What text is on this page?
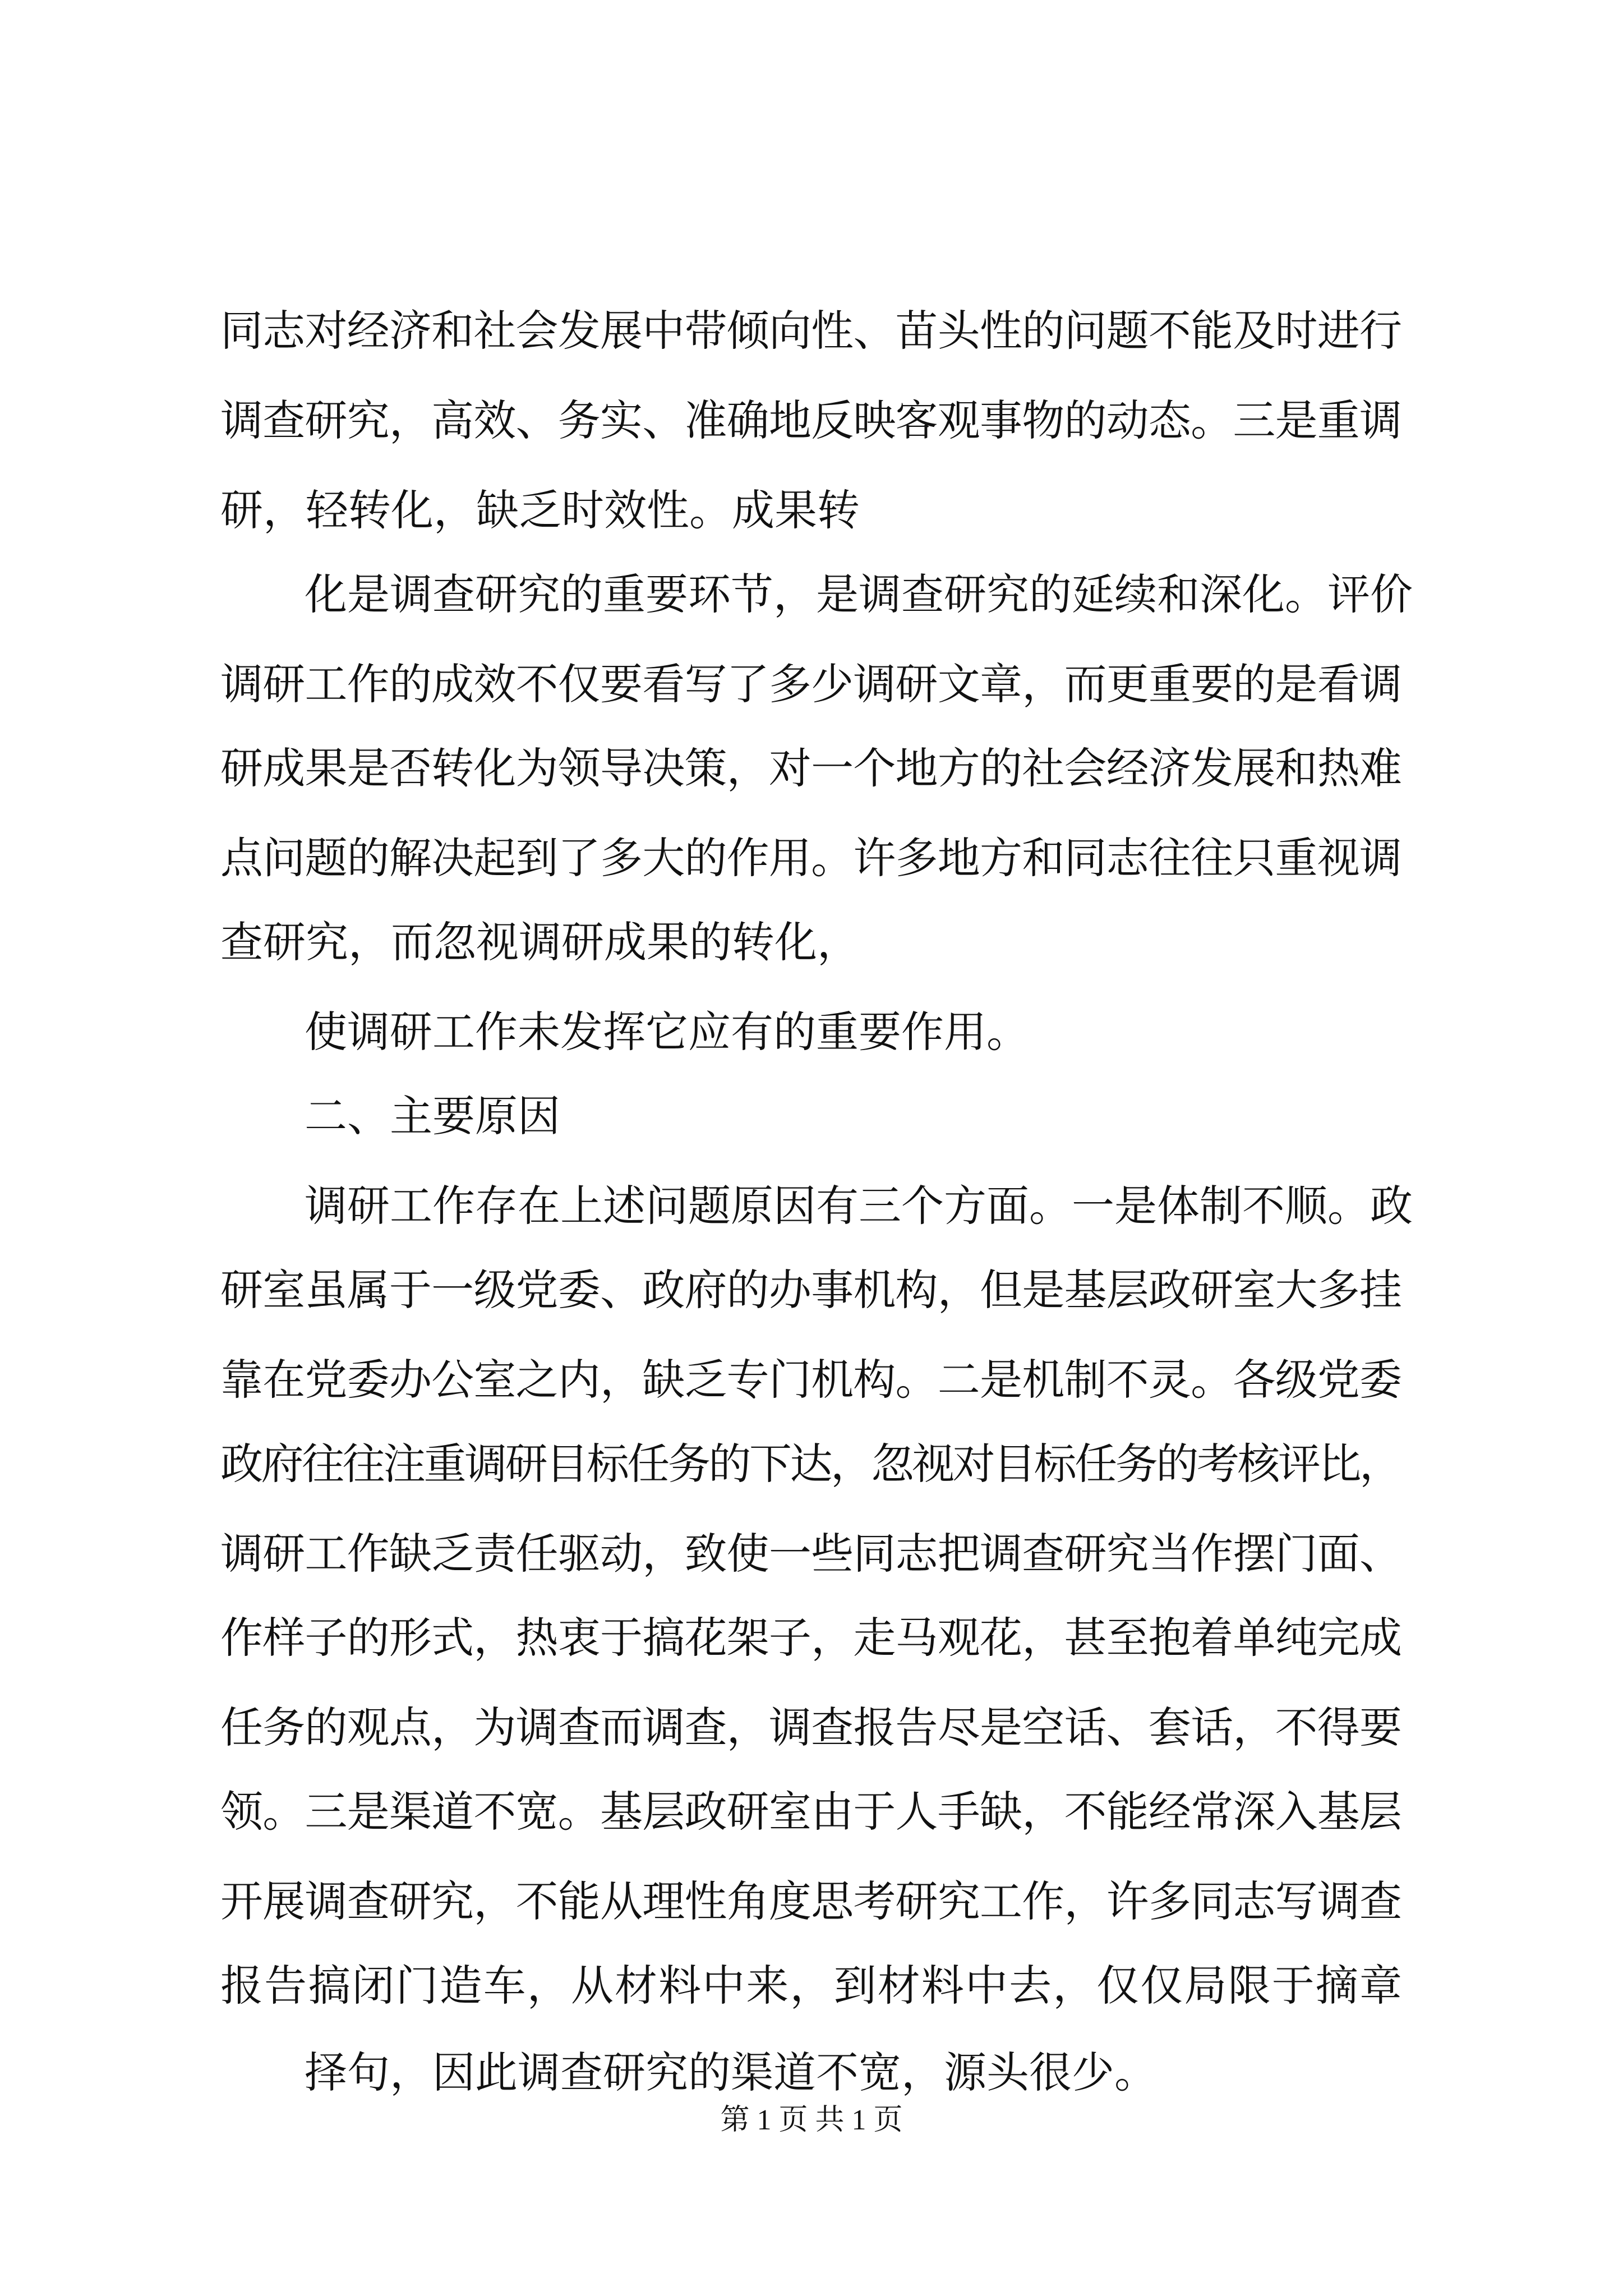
同志对经济和社会发展中带倾向性、苗头性的问题不能及时进行
调查研究，高效、务实、准确地反映客观事物的动态。三是重调
研，轻转化，缺乏时效性。成果转
化是调查研究的重要环节，是调查研究的延续和深化。评价
调研工作的成效不仅要看写了多少调研文章，而更重要的是看调
研成果是否转化为领导决策，对一个地方的社会经济发展和热难
点问题的解决起到了多大的作用。许多地方和同志往往只重视调
查研究，而忽视调研成果的转化，
使调研工作未发挥它应有的重要作用。
二、主要原因
调研工作存在上述问题原因有三个方面。一是体制不顺。政
研室虽属于一级党委、政府的办事机构，但是基层政研室大多挂
靠在党委办公室之内，缺乏专门机构。二是机制不灵。各级党委
政府往往注重调研目标任务的下达，忽视对目标任务的考核评比，
调研工作缺乏责任驱动，致使一些同志把调查研究当作摆门面、
作样子的形式，热衷于搞花架子，走马观花，甚至抱着单纯完成
任务的观点，为调查而调查，调查报告尽是空话、套话，不得要
领。三是渠道不宽。基层政研室由于人手缺，不能经常深入基层
开展调查研究，不能从理性角度思考研究工作，许多同志写调查
报告搞闭门造车，从材料中来，到材料中去，仅仅局限于摘章
择句，因此调查研究的渠道不宽，源头很少。
第 1 页 共 1 页
